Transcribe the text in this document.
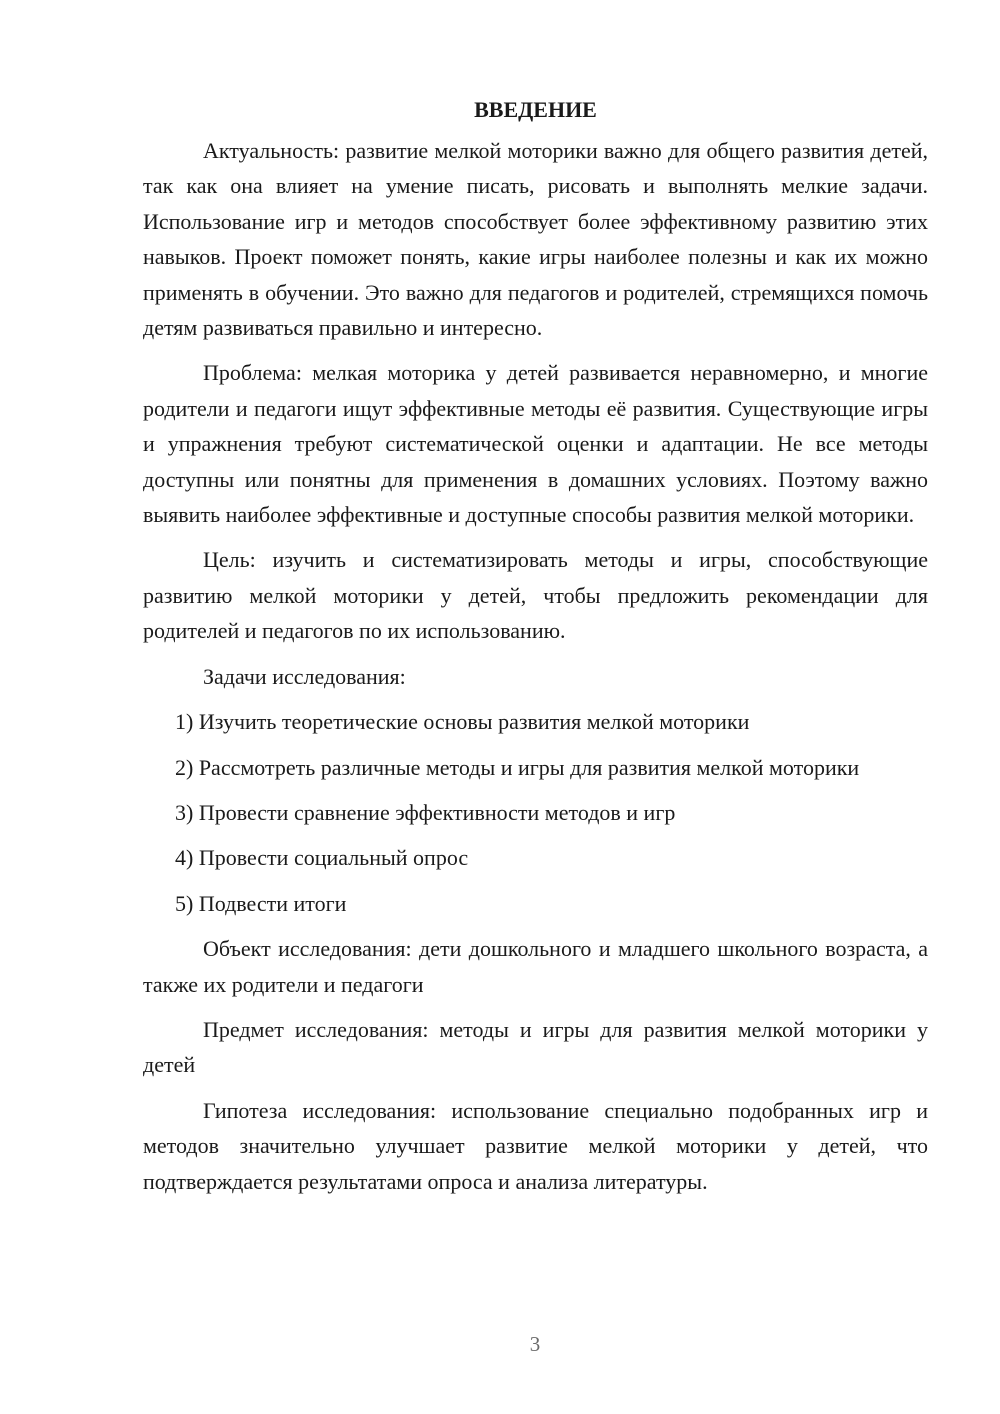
ВВЕДЕНИЕ

Актуальность: развитие мелкой моторики важно для общего развития детей, так как она влияет на умение писать, рисовать и выполнять мелкие задачи. Использование игр и методов способствует более эффективному развитию этих навыков. Проект поможет понять, какие игры наиболее полезны и как их можно применять в обучении. Это важно для педагогов и родителей, стремящихся помочь детям развиваться правильно и интересно.

Проблема: мелкая моторика у детей развивается неравномерно, и многие родители и педагоги ищут эффективные методы её развития. Существующие игры и упражнения требуют систематической оценки и адаптации. Не все методы доступны или понятны для применения в домашних условиях. Поэтому важно выявить наиболее эффективные и доступные способы развития мелкой моторики.

Цель: изучить и систематизировать методы и игры, способствующие развитию мелкой моторики у детей, чтобы предложить рекомендации для родителей и педагогов по их использованию.

Задачи исследования:

1) Изучить теоретические основы развития мелкой моторики

2) Рассмотреть различные методы и игры для развития мелкой моторики

3) Провести сравнение эффективности методов и игр

4) Провести социальный опрос

5) Подвести итоги

Объект исследования: дети дошкольного и младшего школьного возраста, а также их родители и педагоги

Предмет исследования: методы и игры для развития мелкой моторики у детей

Гипотеза исследования: использование специально подобранных игр и методов значительно улучшает развитие мелкой моторики у детей, что подтверждается результатами опроса и анализа литературы.

3
